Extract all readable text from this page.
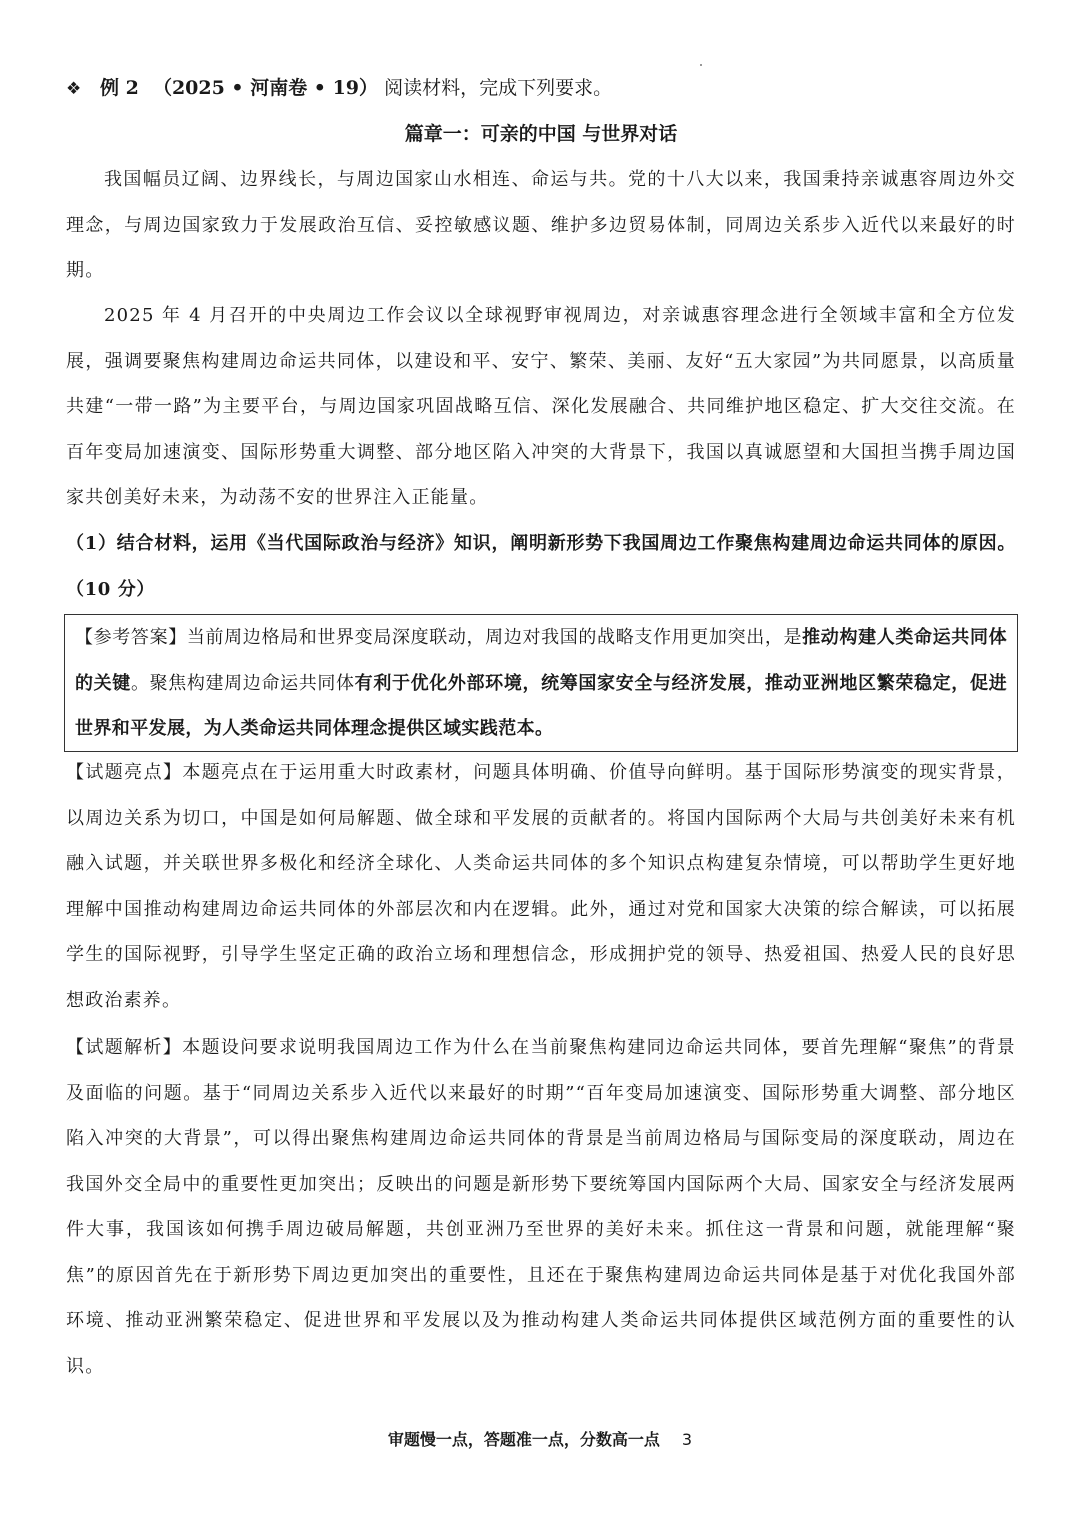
❖ 例 2 （2025 • 河南卷 • 19） 阅读材料，完成下列要求。
篇章一：可亲的中国 与世界对话

我国幅员辽阔、边界线长，与周边国家山水相连、命运与共。党的十八大以来，我国秉持亲诚惠容周边外交理念，与周边国家致力于发展政治互信、妥控敏感议题、维护多边贸易体制，同周边关系步入近代以来最好的时期。

2025 年 4 月召开的中央周边工作会议以全球视野审视周边，对亲诚惠容理念进行全领域丰富和全方位发展，强调要聚焦构建周边命运共同体，以建设和平、安宁、繁荣、美丽、友好“五大家园”为共同愿景，以高质量共建“一带一路”为主要平台，与周边国家巩固战略互信、深化发展融合、共同维护地区稳定、扩大交往交流。在百年变局加速演变、国际形势重大调整、部分地区陷入冲突的大背景下，我国以真诚愿望和大国担当携手周边国家共创美好未来，为动荡不安的世界注入正能量。

（1）结合材料，运用《当代国际政治与经济》知识，阐明新形势下我国周边工作聚焦构建周边命运共同体的原因。（10 分）

【参考答案】当前周边格局和世界变局深度联动，周边对我国的战略支作用更加突出，是推动构建人类命运共同体的关键。聚焦构建周边命运共同体有利于优化外部环境，统筹国家安全与经济发展，推动亚洲地区繁荣稳定，促进世界和平发展，为人类命运共同体理念提供区域实践范本。

【试题亮点】本题亮点在于运用重大时政素材，问题具体明确、价值导向鲜明。基于国际形势演变的现实背景，以周边关系为切口，中国是如何局解题、做全球和平发展的贡献者的。将国内国际两个大局与共创美好未来有机融入试题，并关联世界多极化和经济全球化、人类命运共同体的多个知识点构建复杂情境，可以帮助学生更好地理解中国推动构建周边命运共同体的外部层次和内在逻辑。此外，通过对党和国家大决策的综合解读，可以拓展学生的国际视野，引导学生坚定正确的政治立场和理想信念，形成拥护党的领导、热爱祖国、热爱人民的良好思想政治素养。

【试题解析】本题设问要求说明我国周边工作为什么在当前聚焦构建同边命运共同体，要首先理解“聚焦”的背景及面临的问题。基于“同周边关系步入近代以来最好的时期”“百年变局加速演变、国际形势重大调整、部分地区陷入冲突的大背景”，可以得出聚焦构建周边命运共同体的背景是当前周边格局与国际变局的深度联动，周边在我国外交全局中的重要性更加突出；反映出的问题是新形势下要统筹国内国际两个大局、国家安全与经济发展两件大事，我国该如何携手周边破局解题，共创亚洲乃至世界的美好未来。抓住这一背景和问题，就能理解“聚焦”的原因首先在于新形势下周边更加突出的重要性，且还在于聚焦构建周边命运共同体是基于对优化我国外部环境、推动亚洲繁荣稳定、促进世界和平发展以及为推动构建人类命运共同体提供区域范例方面的重要性的认识。

审题慢一点，答题准一点，分数高一点 3
